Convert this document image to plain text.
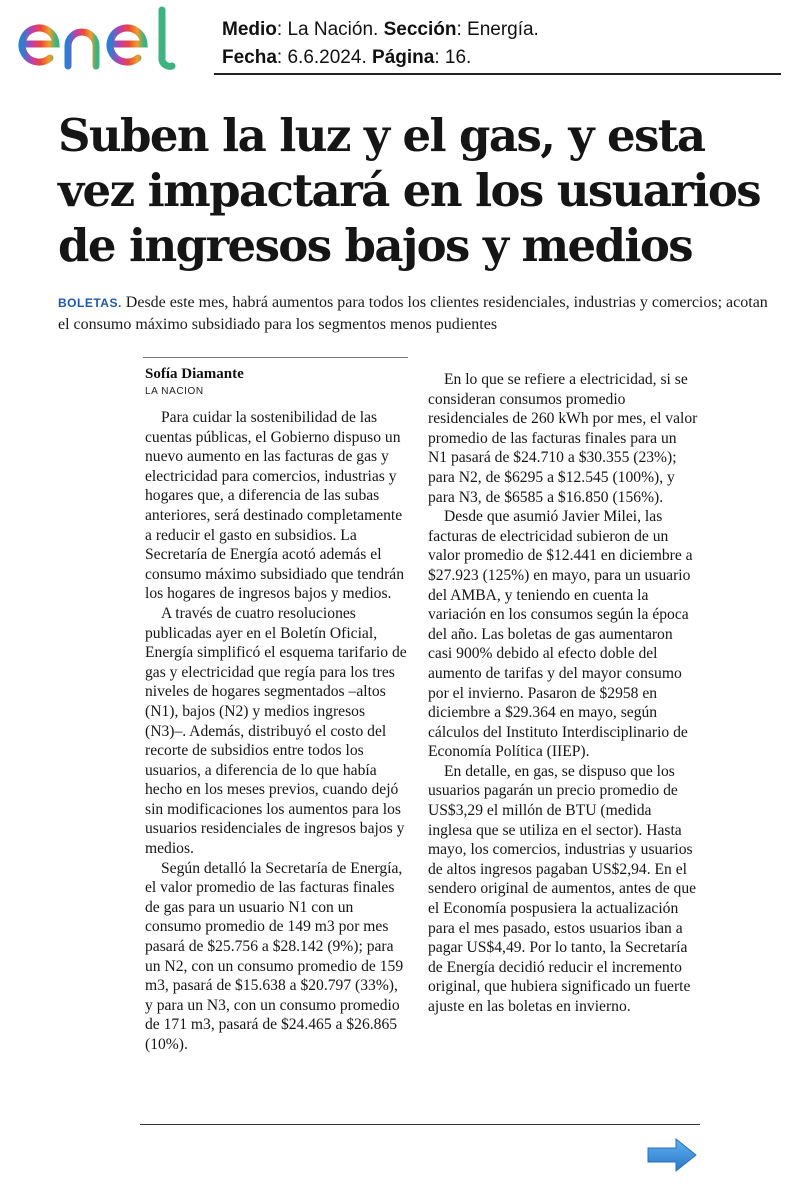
Medio: La Nación. Sección: Energía.
Fecha: 6.6.2024. Página: 16.
Suben la luz y el gas, y esta vez impactará en los usuarios de ingresos bajos y medios
BOLETAS. Desde este mes, habrá aumentos para todos los clientes residenciales, industrias y comercios; acotan el consumo máximo subsidiado para los segmentos menos pudientes
Sofía Diamante
LA NACION

Para cuidar la sostenibilidad de las cuentas públicas, el Gobierno dispuso un nuevo aumento en las facturas de gas y electricidad para comercios, industrias y hogares que, a diferencia de las subas anteriores, será destinado completamente a reducir el gasto en subsidios. La Secretaría de Energía acotó además el consumo máximo subsidiado que tendrán los hogares de ingresos bajos y medios.

A través de cuatro resoluciones publicadas ayer en el Boletín Oficial, Energía simplificó el esquema tarifario de gas y electricidad que regía para los tres niveles de hogares segmentados –altos (N1), bajos (N2) y medios ingresos (N3)–. Además, distribuyó el costo del recorte de subsidios entre todos los usuarios, a diferencia de lo que había hecho en los meses previos, cuando dejó sin modificaciones los aumentos para los usuarios residenciales de ingresos bajos y medios.

Según detalló la Secretaría de Energía, el valor promedio de las facturas finales de gas para un usuario N1 con un consumo promedio de 149 m3 por mes pasará de $25.756 a $28.142 (9%); para un N2, con un consumo promedio de 159 m3, pasará de $15.638 a $20.797 (33%), y para un N3, con un consumo promedio de 171 m3, pasará de $24.465 a $26.865 (10%).

En lo que se refiere a electricidad, si se consideran consumos promedio residenciales de 260 kWh por mes, el valor promedio de las facturas finales para un N1 pasará de $24.710 a $30.355 (23%); para N2, de $6295 a $12.545 (100%), y para N3, de $6585 a $16.850 (156%).

Desde que asumió Javier Milei, las facturas de electricidad subieron de un valor promedio de $12.441 en diciembre a $27.923 (125%) en mayo, para un usuario del AMBA, y teniendo en cuenta la variación en los consumos según la época del año. Las boletas de gas aumentaron casi 900% debido al efecto doble del aumento de tarifas y del mayor consumo por el invierno. Pasaron de $2958 en diciembre a $29.364 en mayo, según cálculos del Instituto Interdisciplinario de Economía Política (IIEP).

En detalle, en gas, se dispuso que los usuarios pagarán un precio promedio de US$3,29 el millón de BTU (medida inglesa que se utiliza en el sector). Hasta mayo, los comercios, industrias y usuarios de altos ingresos pagaban US$2,94. En el sendero original de aumentos, antes de que el Economía pospusiera la actualización para el mes pasado, estos usuarios iban a pagar US$4,49. Por lo tanto, la Secretaría de Energía decidió reducir el incremento original, que hubiera significado un fuerte ajuste en las boletas en invierno.
